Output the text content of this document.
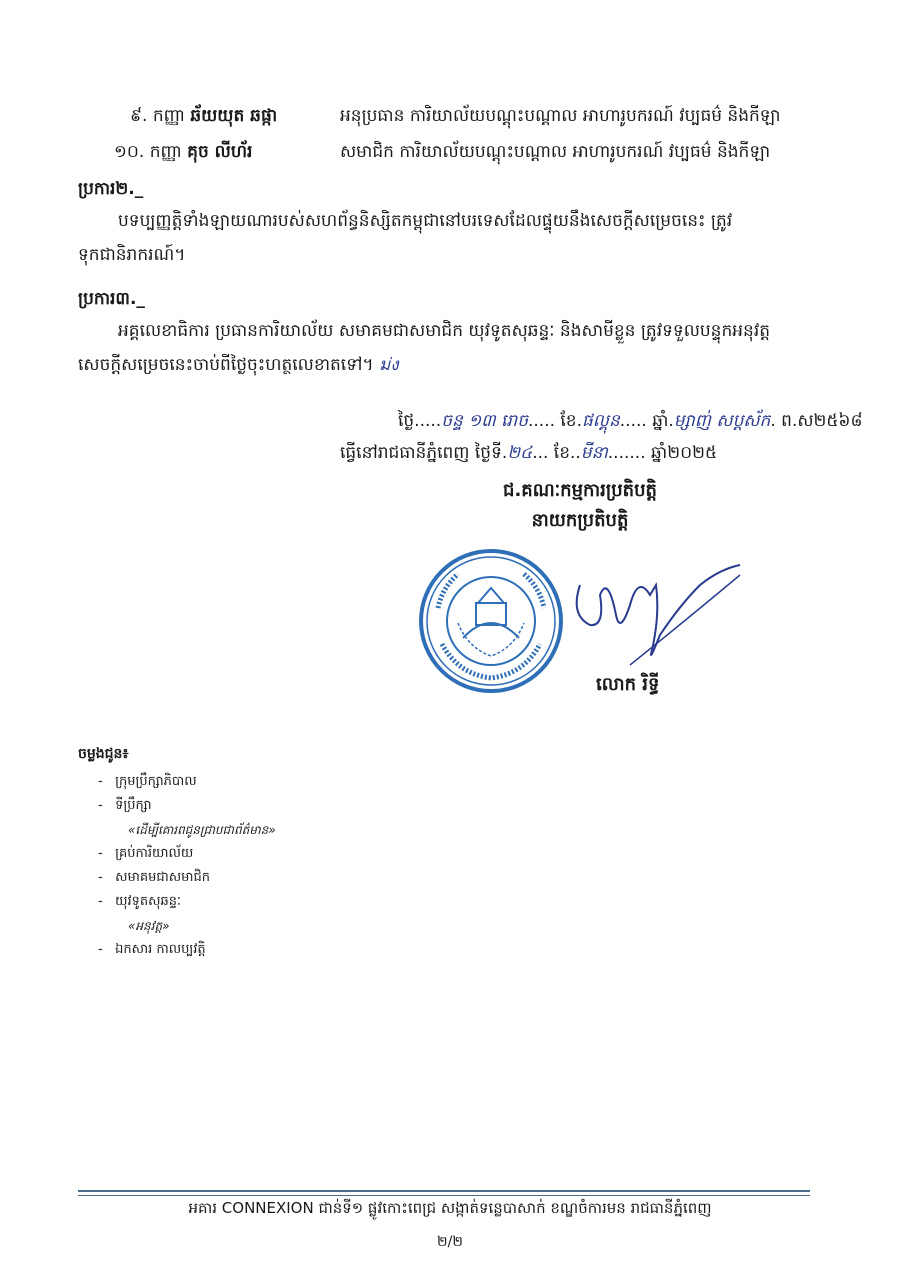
៩. កញ្ញា ឆ័យយុត ឆផ្កា	អនុប្រធាន ការិយាល័យបណ្តុះបណ្តាល អាហារូបករណ៍ វប្បធម៌ និងកីឡា
១០. កញ្ញា គុច លីហ័រ	សមាជិក ការិយាល័យបណ្តុះបណ្តាល អាហារូបករណ៍ វប្បធម៌ និងកីឡា
ប្រការ២._
បទប្បញ្ញត្តិទាំងឡាយណារបស់សហព័ន្ធនិស្សិតកម្ពុជានៅបរទេសដែលផ្ទុយនឹងសេចក្តីសម្រេចនេះ ត្រូវ
ទុកជានិរាករណ៍។
ប្រការ៣._
អគ្គលេខាធិការ ប្រធានការិយាល័យ សមាគមជាសមាជិក យុវទូតសុឆន្ទៈ និងសាមីខ្លួន ត្រូវទទួលបន្ទុកអនុវត្ត
សេចក្តីសម្រេចនេះចាប់ពីថ្ងៃចុះហត្ថលេខាតទៅ។ ม่ง
ថ្ងៃ.....ចន្ទ ១៣ រោច..... ខែ.ផល្គុន..... ឆ្នាំ.ម្សាញ់ សប្តស័ក. ព.ស២៥៦៨
ធ្វើនៅរាជធានីភ្នំពេញ ថ្ងៃទី.២៤... ខែ..មីនា....... ឆ្នាំ២០២៥
ជ.គណៈកម្មការប្រតិបត្តិ
នាយកប្រតិបត្តិ
លោក រិទ្ធី
ចម្លងជូន៖
-   ក្រុមប្រឹក្សាភិបាល
-   ទីប្រឹក្សា
«ដើម្បីគោរពជូនជ្រាបជាព័ត៌មាន»
-   គ្រប់ការិយាល័យ
-   សមាគមជាសមាជិក
-   យុវទូតសុឆន្ទៈ
«អនុវត្ត»
-   ឯកសារ កាលប្បវត្តិ
អគារ CONNEXION ជាន់ទី១ ផ្លូវកោះពេជ្រ សង្កាត់ទន្លេបាសាក់ ខណ្ឌចំការមន រាជធានីភ្នំពេញ
២/២
